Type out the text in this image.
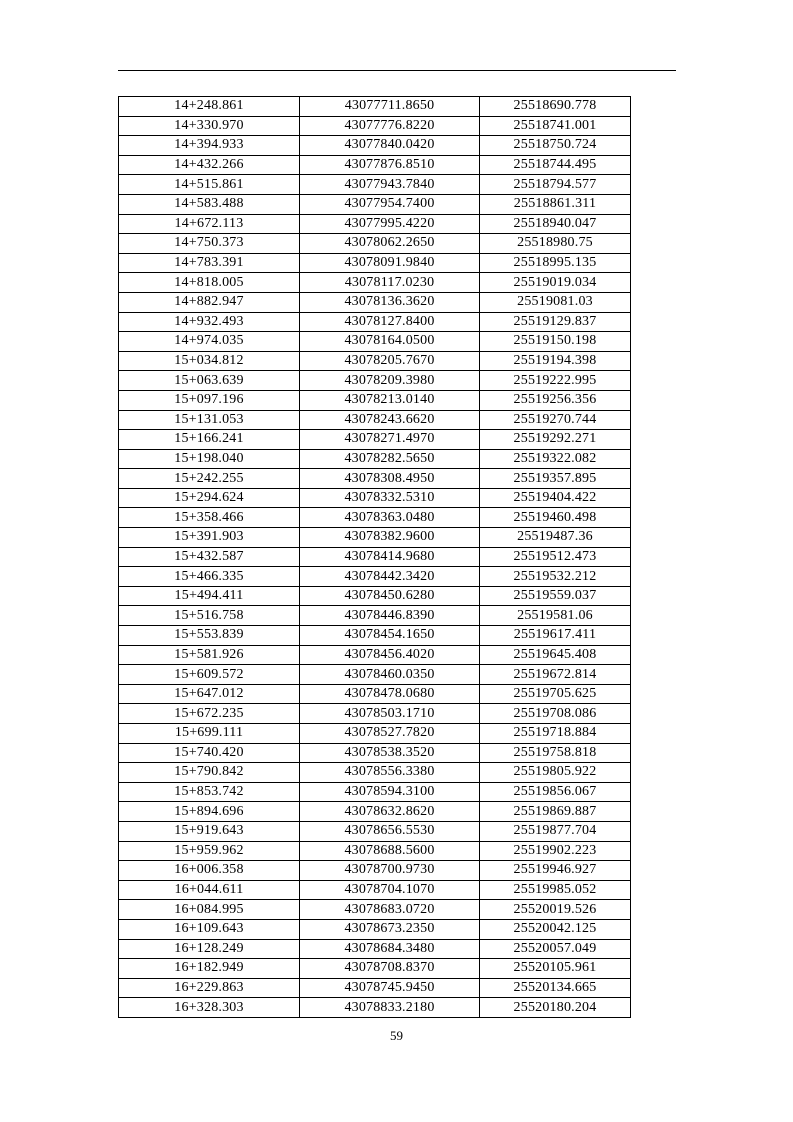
14+248.861	43077711.8650	25518690.778
14+330.970	43077776.8220	25518741.001
14+394.933	43077840.0420	25518750.724
14+432.266	43077876.8510	25518744.495
14+515.861	43077943.7840	25518794.577
14+583.488	43077954.7400	25518861.311
14+672.113	43077995.4220	25518940.047
14+750.373	43078062.2650	25518980.75
14+783.391	43078091.9840	25518995.135
14+818.005	43078117.0230	25519019.034
14+882.947	43078136.3620	25519081.03
14+932.493	43078127.8400	25519129.837
14+974.035	43078164.0500	25519150.198
15+034.812	43078205.7670	25519194.398
15+063.639	43078209.3980	25519222.995
15+097.196	43078213.0140	25519256.356
15+131.053	43078243.6620	25519270.744
15+166.241	43078271.4970	25519292.271
15+198.040	43078282.5650	25519322.082
15+242.255	43078308.4950	25519357.895
15+294.624	43078332.5310	25519404.422
15+358.466	43078363.0480	25519460.498
15+391.903	43078382.9600	25519487.36
15+432.587	43078414.9680	25519512.473
15+466.335	43078442.3420	25519532.212
15+494.411	43078450.6280	25519559.037
15+516.758	43078446.8390	25519581.06
15+553.839	43078454.1650	25519617.411
15+581.926	43078456.4020	25519645.408
15+609.572	43078460.0350	25519672.814
15+647.012	43078478.0680	25519705.625
15+672.235	43078503.1710	25519708.086
15+699.111	43078527.7820	25519718.884
15+740.420	43078538.3520	25519758.818
15+790.842	43078556.3380	25519805.922
15+853.742	43078594.3100	25519856.067
15+894.696	43078632.8620	25519869.887
15+919.643	43078656.5530	25519877.704
15+959.962	43078688.5600	25519902.223
16+006.358	43078700.9730	25519946.927
16+044.611	43078704.1070	25519985.052
16+084.995	43078683.0720	25520019.526
16+109.643	43078673.2350	25520042.125
16+128.249	43078684.3480	25520057.049
16+182.949	43078708.8370	25520105.961
16+229.863	43078745.9450	25520134.665
16+328.303	43078833.2180	25520180.204
59
